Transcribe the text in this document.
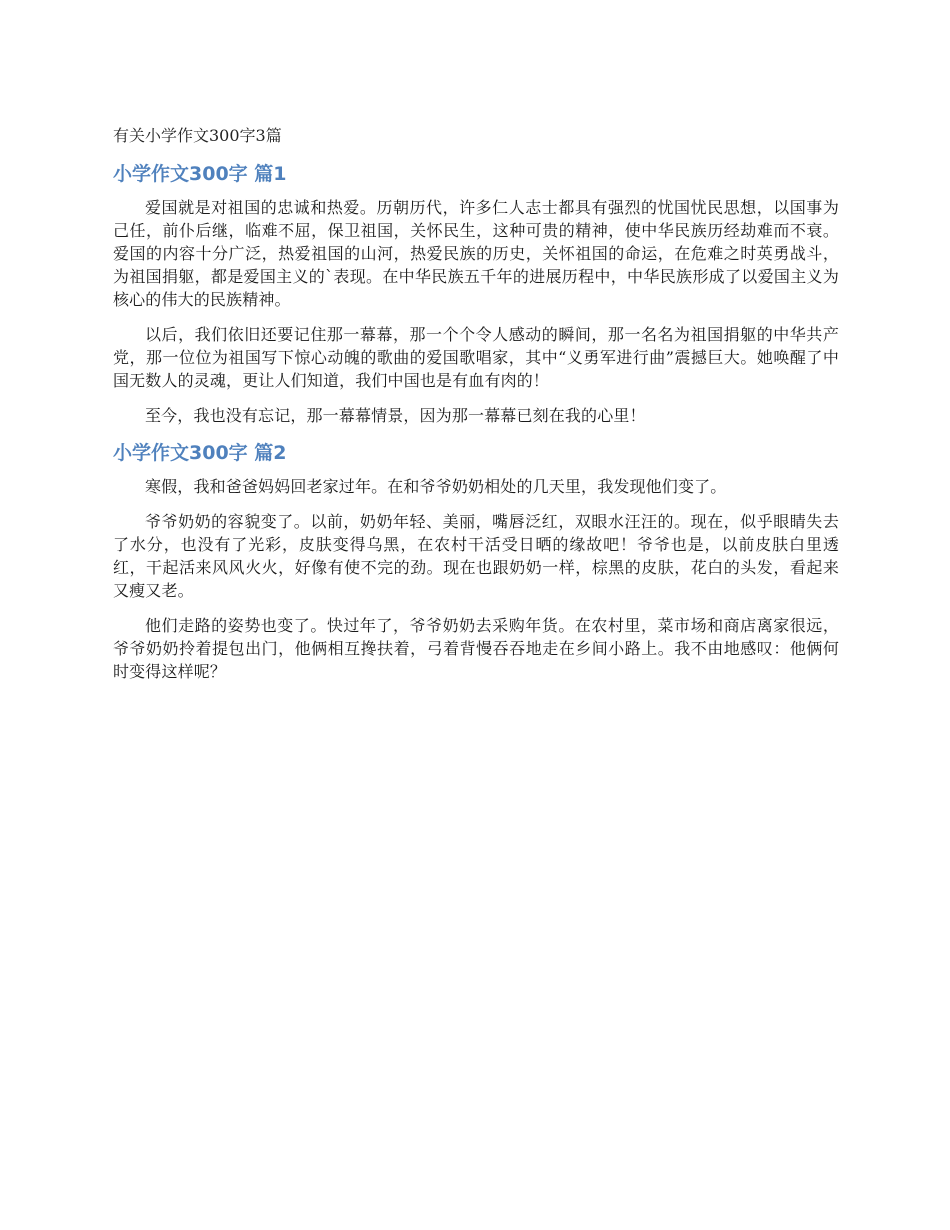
有关小学作文300字3篇
小学作文300字 篇1

爱国就是对祖国的忠诚和热爱。历朝历代，许多仁人志士都具有强烈的忧国忧民思想，以国事为己任，前仆后继，临难不屈，保卫祖国，关怀民生，这种可贵的精神，使中华民族历经劫难而不衰。爱国的内容十分广泛，热爱祖国的山河，热爱民族的历史，关怀祖国的命运，在危难之时英勇战斗，为祖国捐躯，都是爱国主义的`表现。在中华民族五千年的进展历程中，中华民族形成了以爱国主义为核心的伟大的民族精神。

以后，我们依旧还要记住那一幕幕，那一个个令人感动的瞬间，那一名名为祖国捐躯的中华共产党，那一位位为祖国写下惊心动魄的歌曲的爱国歌唱家，其中“义勇军进行曲”震撼巨大。她唤醒了中国无数人的灵魂，更让人们知道，我们中国也是有血有肉的！

至今，我也没有忘记，那一幕幕情景，因为那一幕幕已刻在我的心里！

小学作文300字 篇2

寒假，我和爸爸妈妈回老家过年。在和爷爷奶奶相处的几天里，我发现他们变了。

爷爷奶奶的容貌变了。以前，奶奶年轻、美丽，嘴唇泛红，双眼水汪汪的。现在，似乎眼睛失去了水分，也没有了光彩，皮肤变得乌黑，在农村干活受日晒的缘故吧！爷爷也是，以前皮肤白里透红，干起活来风风火火，好像有使不完的劲。现在也跟奶奶一样，棕黑的皮肤，花白的头发，看起来又瘦又老。

他们走路的姿势也变了。快过年了，爷爷奶奶去采购年货。在农村里，菜市场和商店离家很远，爷爷奶奶拎着提包出门，他俩相互搀扶着，弓着背慢吞吞地走在乡间小路上。我不由地感叹：他俩何时变得这样呢？
